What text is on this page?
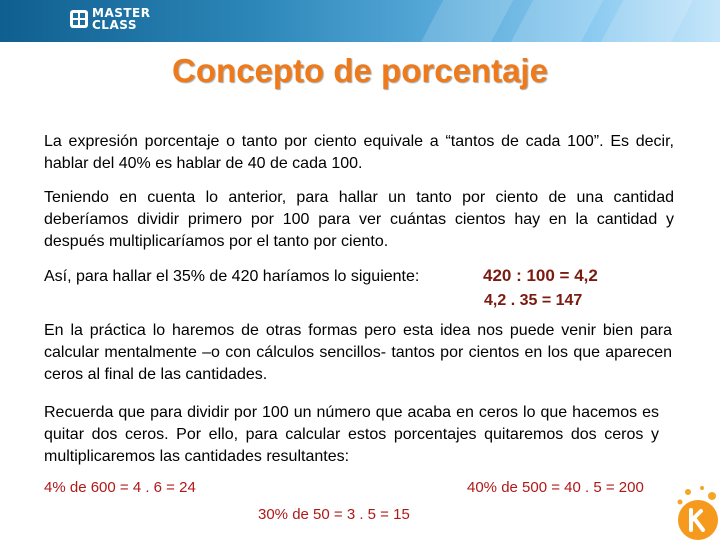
MASTER
CLASS
Concepto de porcentaje
La expresión porcentaje o tanto por ciento equivale a “tantos de cada 100”. Es decir, hablar del 40% es hablar de 40 de cada 100.
Teniendo en cuenta lo anterior, para hallar un tanto por ciento de una cantidad deberíamos dividir primero por 100 para ver cuántas cientos hay en la cantidad y después multiplicaríamos por el tanto por ciento.
Así, para hallar el 35% de 420 haríamos lo siguiente:	420 : 100 = 4,2
4,2 . 35 = 147
En la práctica lo haremos de otras formas pero esta idea nos puede venir bien para calcular mentalmente –o con cálculos sencillos- tantos por cientos en los que aparecen ceros al final de las cantidades.
Recuerda que para dividir por 100 un número que acaba en ceros lo que hacemos es quitar dos ceros. Por ello, para calcular estos porcentajes quitaremos dos ceros y multiplicaremos las cantidades resultantes:
4% de 600 = 4 . 6 = 24	40% de 500 = 40 . 5 = 200
30% de 50 = 3 . 5 = 15
